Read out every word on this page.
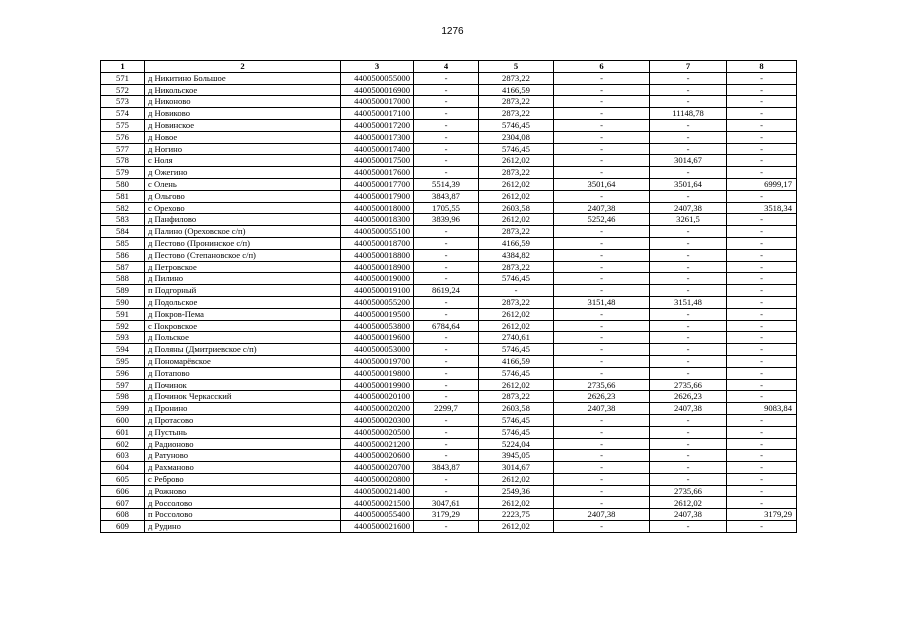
1276
1	2	3	4	5	6	7	8
571	д Никитино Большое	4400500055000	-	2873,22	-	-	-
572	д Никольское	4400500016900	-	4166,59	-	-	-
573	д Никоново	4400500017000	-	2873,22	-	-	-
574	д Новиково	4400500017100	-	2873,22	-	11148,78	-
575	д Новинское	4400500017200	-	5746,45	-	-	-
576	д Новое	4400500017300	-	2304,08	-	-	-
577	д Ногино	4400500017400	-	5746,45	-	-	-
578	с Ноля	4400500017500	-	2612,02	-	3014,67	-
579	д Ожегино	4400500017600	-	2873,22	-	-	-
580	с Олень	4400500017700	5514,39	2612,02	3501,64	3501,64	6999,17
581	д Ольгово	4400500017900	3843,87	2612,02	-	-	-
582	с Орехово	4400500018000	1705,55	2603,58	2407,38	2407,38	3518,34
583	д Панфилово	4400500018300	3839,96	2612,02	5252,46	3261,5	-
584	д Палино (Ореховское с/п)	4400500055100	-	2873,22	-	-	-
585	д Пестово (Пронинское с/п)	4400500018700	-	4166,59	-	-	-
586	д Пестово (Степановское с/п)	4400500018800	-	4384,82	-	-	-
587	д Петровское	4400500018900	-	2873,22	-	-	-
588	д Пилино	4400500019000	-	5746,45	-	-	-
589	п Подгорный	4400500019100	8619,24	-	-	-	-
590	д Подольское	4400500055200	-	2873,22	3151,48	3151,48	-
591	д Покров-Пема	4400500019500	-	2612,02	-	-	-
592	с Покровское	4400500053800	6784,64	2612,02	-	-	-
593	д Польское	4400500019600	-	2740,61	-	-	-
594	д Поляны (Дмитриевское с/п)	4400500053000	-	5746,45	-	-	-
595	д Пономарёвское	4400500019700	-	4166,59	-	-	-
596	д Потапово	4400500019800	-	5746,45	-	-	-
597	д Починок	4400500019900	-	2612,02	2735,66	2735,66	-
598	д Починок Черкасский	4400500020100	-	2873,22	2626,23	2626,23	-
599	д Пронино	4400500020200	2299,7	2603,58	2407,38	2407,38	9083,84
600	д Протасово	4400500020300	-	5746,45	-	-	-
601	д Пустынь	4400500020500	-	5746,45	-	-	-
602	д Радионово	4400500021200	-	5224,04	-	-	-
603	д Ратуново	4400500020600	-	3945,05	-	-	-
604	д Рахманово	4400500020700	3843,87	3014,67	-	-	-
605	с Реброво	4400500020800	-	2612,02	-	-	-
606	д Рожново	4400500021400	-	2549,36	-	2735,66	-
607	д Россолово	4400500021500	3047,61	2612,02	-	2612,02	-
608	п Россолово	4400500055400	3179,29	2223,75	2407,38	2407,38	3179,29
609	д Рудино	4400500021600	-	2612,02	-	-	-
